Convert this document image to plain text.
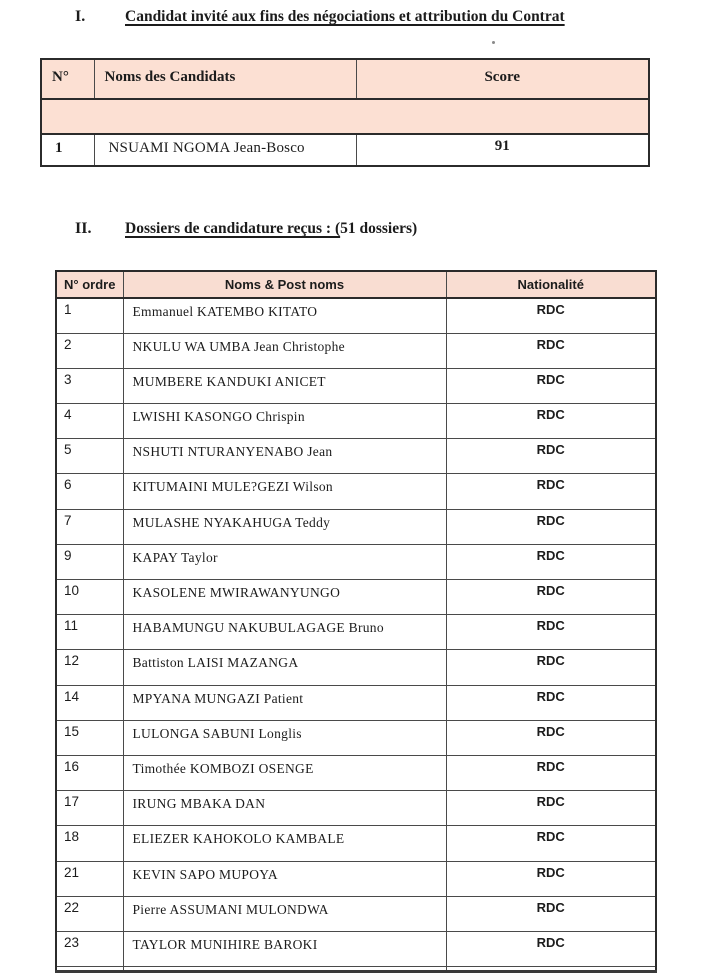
I.	Candidat invité aux fins des négociations et attribution du Contrat
N°	Noms des Candidats	Score

1	NSUAMI NGOMA Jean-Bosco	91
II. Dossiers de candidature reçus : (51 dossiers)
N° ordre	Noms & Post noms	Nationalité
1	Emmanuel KATEMBO KITATO	RDC
2	NKULU WA UMBA Jean Christophe	RDC
3	MUMBERE KANDUKI ANICET	RDC
4	LWISHI KASONGO Chrispin	RDC
5	NSHUTI NTURANYENABO Jean	RDC
6	KITUMAINI MULE?GEZI Wilson	RDC
7	MULASHE NYAKAHUGA Teddy	RDC
9	KAPAY Taylor	RDC
10	KASOLENE MWIRAWANYUNGO	RDC
11	HABAMUNGU NAKUBULAGAGE Bruno	RDC
12	Battiston LAISI MAZANGA	RDC
14	MPYANA MUNGAZI Patient	RDC
15	LULONGA SABUNI Longlis	RDC
16	Timothée KOMBOZI OSENGE	RDC
17	IRUNG MBAKA DAN	RDC
18	ELIEZER KAHOKOLO KAMBALE	RDC
21	KEVIN SAPO MUPOYA	RDC
22	Pierre ASSUMANI MULONDWA	RDC
23	TAYLOR MUNIHIRE BAROKI	RDC
